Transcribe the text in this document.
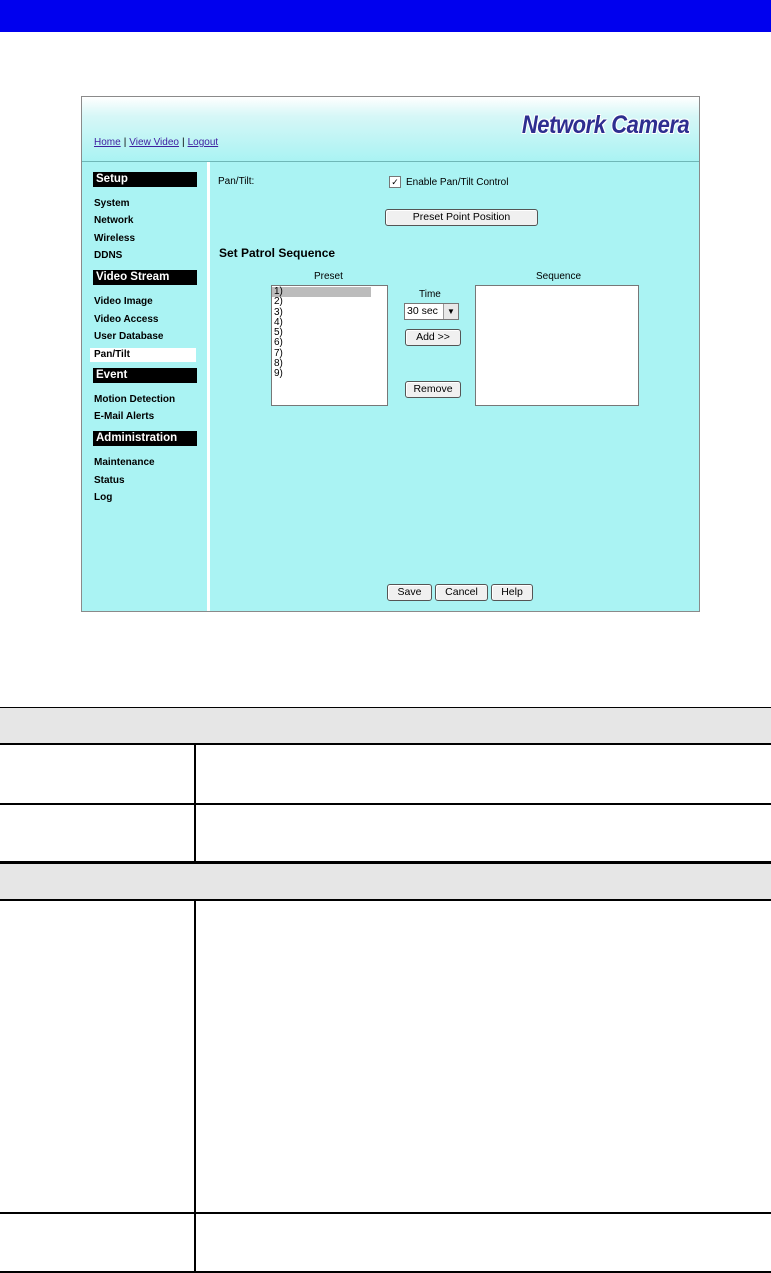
Home | View Video | Logout
Network Camera
Setup
System
Network
Wireless
DDNS
Video Stream
Video Image
Video Access
User Database
Pan/Tilt
Event
Motion Detection
E-Mail Alerts
Administration
Maintenance
Status
Log
Pan/Tilt:	✓ Enable Pan/Tilt Control
Preset Point Position
Set Patrol Sequence
Preset
1)
2)
3)
4)
5)
6)
7)
8)
9)
Time
30 sec	▼
Add >>
Remove
Sequence
Save	Cancel	Help
